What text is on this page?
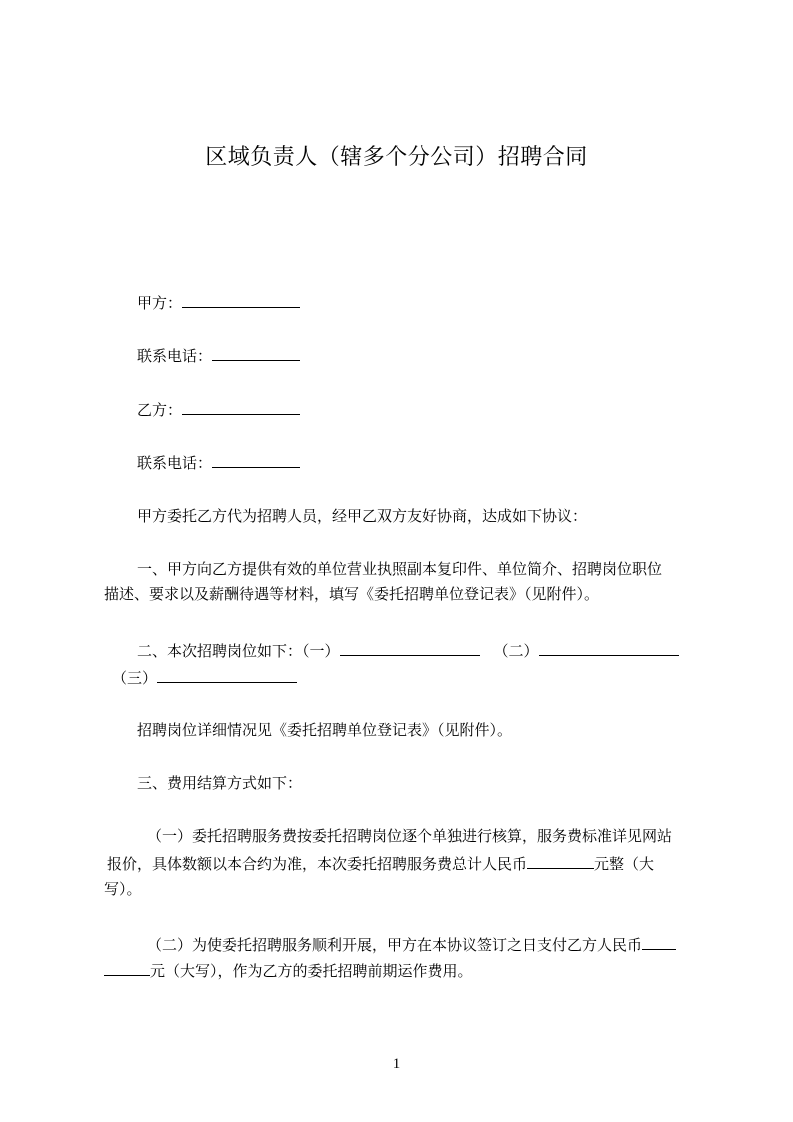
区域负责人（辖多个分公司）招聘合同
甲方：
联系电话：
乙方：
联系电话：
甲方委托乙方代为招聘人员，经甲乙双方友好协商，达成如下协议：
一、甲方向乙方提供有效的单位营业执照副本复印件、单位简介、招聘岗位职位
描述、要求以及薪酬待遇等材料，填写《委托招聘单位登记表》（见附件）。
二、本次招聘岗位如下：（一）	（二）
（三）
招聘岗位详细情况见《委托招聘单位登记表》（见附件）。
三、费用结算方式如下：
（一）委托招聘服务费按委托招聘岗位逐个单独进行核算，服务费标准详见网站
报价，具体数额以本合约为准，本次委托招聘服务费总计人民币	元整（大
写）。
（二）为使委托招聘服务顺利开展，甲方在本协议签订之日支付乙方人民币
元（大写），作为乙方的委托招聘前期运作费用。
1
